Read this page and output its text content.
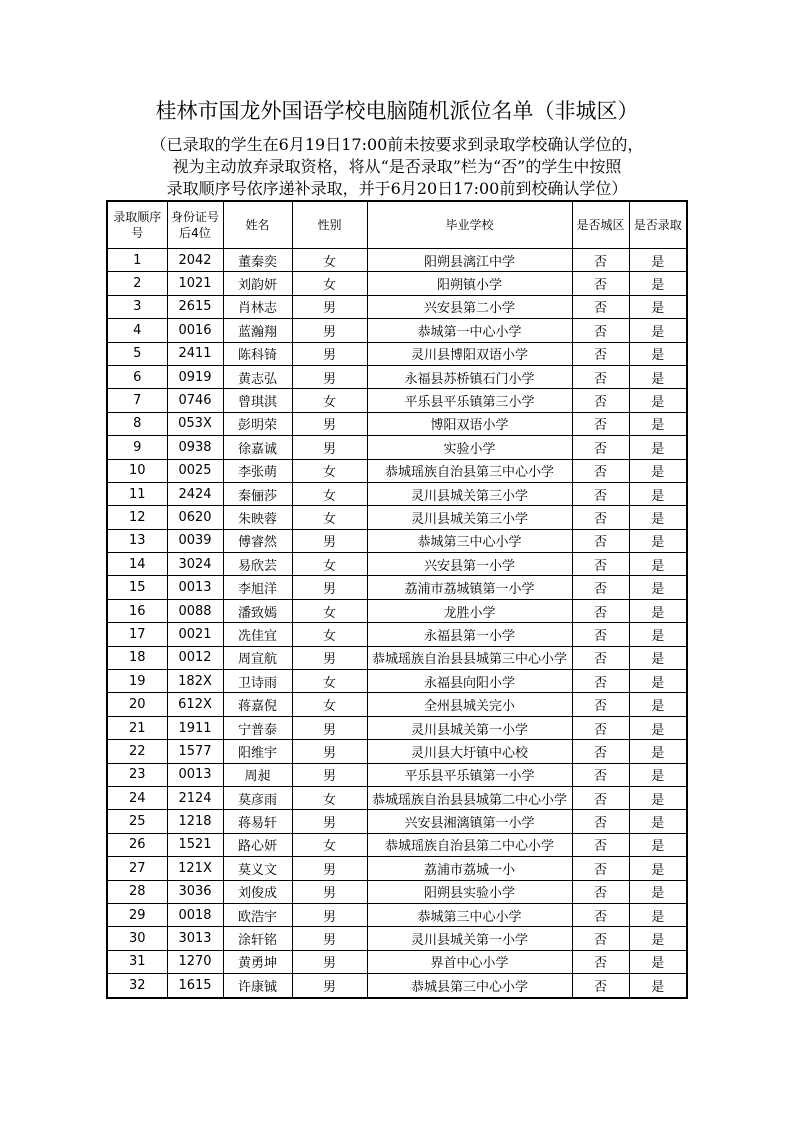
桂林市国龙外国语学校电脑随机派位名单（非城区）
（已录取的学生在6月19日17:00前未按要求到录取学校确认学位的，
视为主动放弃录取资格，将从“是否录取”栏为“否”的学生中按照
录取顺序号依序递补录取，并于6月20日17:00前到校确认学位）
录取顺序号	身份证号后4位	姓名	性别	毕业学校	是否城区	是否录取
1	2042	董秦奕	女	阳朔县漓江中学	否	是
2	1021	刘韵妍	女	阳朔镇小学	否	是
3	2615	肖林志	男	兴安县第二小学	否	是
4	0016	蓝瀚翔	男	恭城第一中心小学	否	是
5	2411	陈科锜	男	灵川县博阳双语小学	否	是
6	0919	黄志弘	男	永福县苏桥镇石门小学	否	是
7	0746	曾琪淇	女	平乐县平乐镇第三小学	否	是
8	053X	彭明荣	男	博阳双语小学	否	是
9	0938	徐嘉诚	男	实验小学	否	是
10	0025	李张萌	女	恭城瑶族自治县第三中心小学	否	是
11	2424	秦俪莎	女	灵川县城关第三小学	否	是
12	0620	朱映蓉	女	灵川县城关第三小学	否	是
13	0039	傅睿然	男	恭城第三中心小学	否	是
14	3024	易欣芸	女	兴安县第一小学	否	是
15	0013	李旭洋	男	荔浦市荔城镇第一小学	否	是
16	0088	潘致嫣	女	龙胜小学	否	是
17	0021	冼佳宜	女	永福县第一小学	否	是
18	0012	周宣航	男	恭城瑶族自治县县城第三中心小学	否	是
19	182X	卫诗雨	女	永福县向阳小学	否	是
20	612X	蒋嘉倪	女	全州县城关完小	否	是
21	1911	宁普泰	男	灵川县城关第一小学	否	是
22	1577	阳维宇	男	灵川县大圩镇中心校	否	是
23	0013	周昶	男	平乐县平乐镇第一小学	否	是
24	2124	莫彦雨	女	恭城瑶族自治县县城第二中心小学	否	是
25	1218	蒋易轩	男	兴安县湘漓镇第一小学	否	是
26	1521	路心妍	女	恭城瑶族自治县第二中心小学	否	是
27	121X	莫义文	男	荔浦市荔城一小	否	是
28	3036	刘俊成	男	阳朔县实验小学	否	是
29	0018	欧浩宇	男	恭城第三中心小学	否	是
30	3013	涂轩铭	男	灵川县城关第一小学	否	是
31	1270	黄勇坤	男	界首中心小学	否	是
32	1615	许康铖	男	恭城县第三中心小学	否	是
